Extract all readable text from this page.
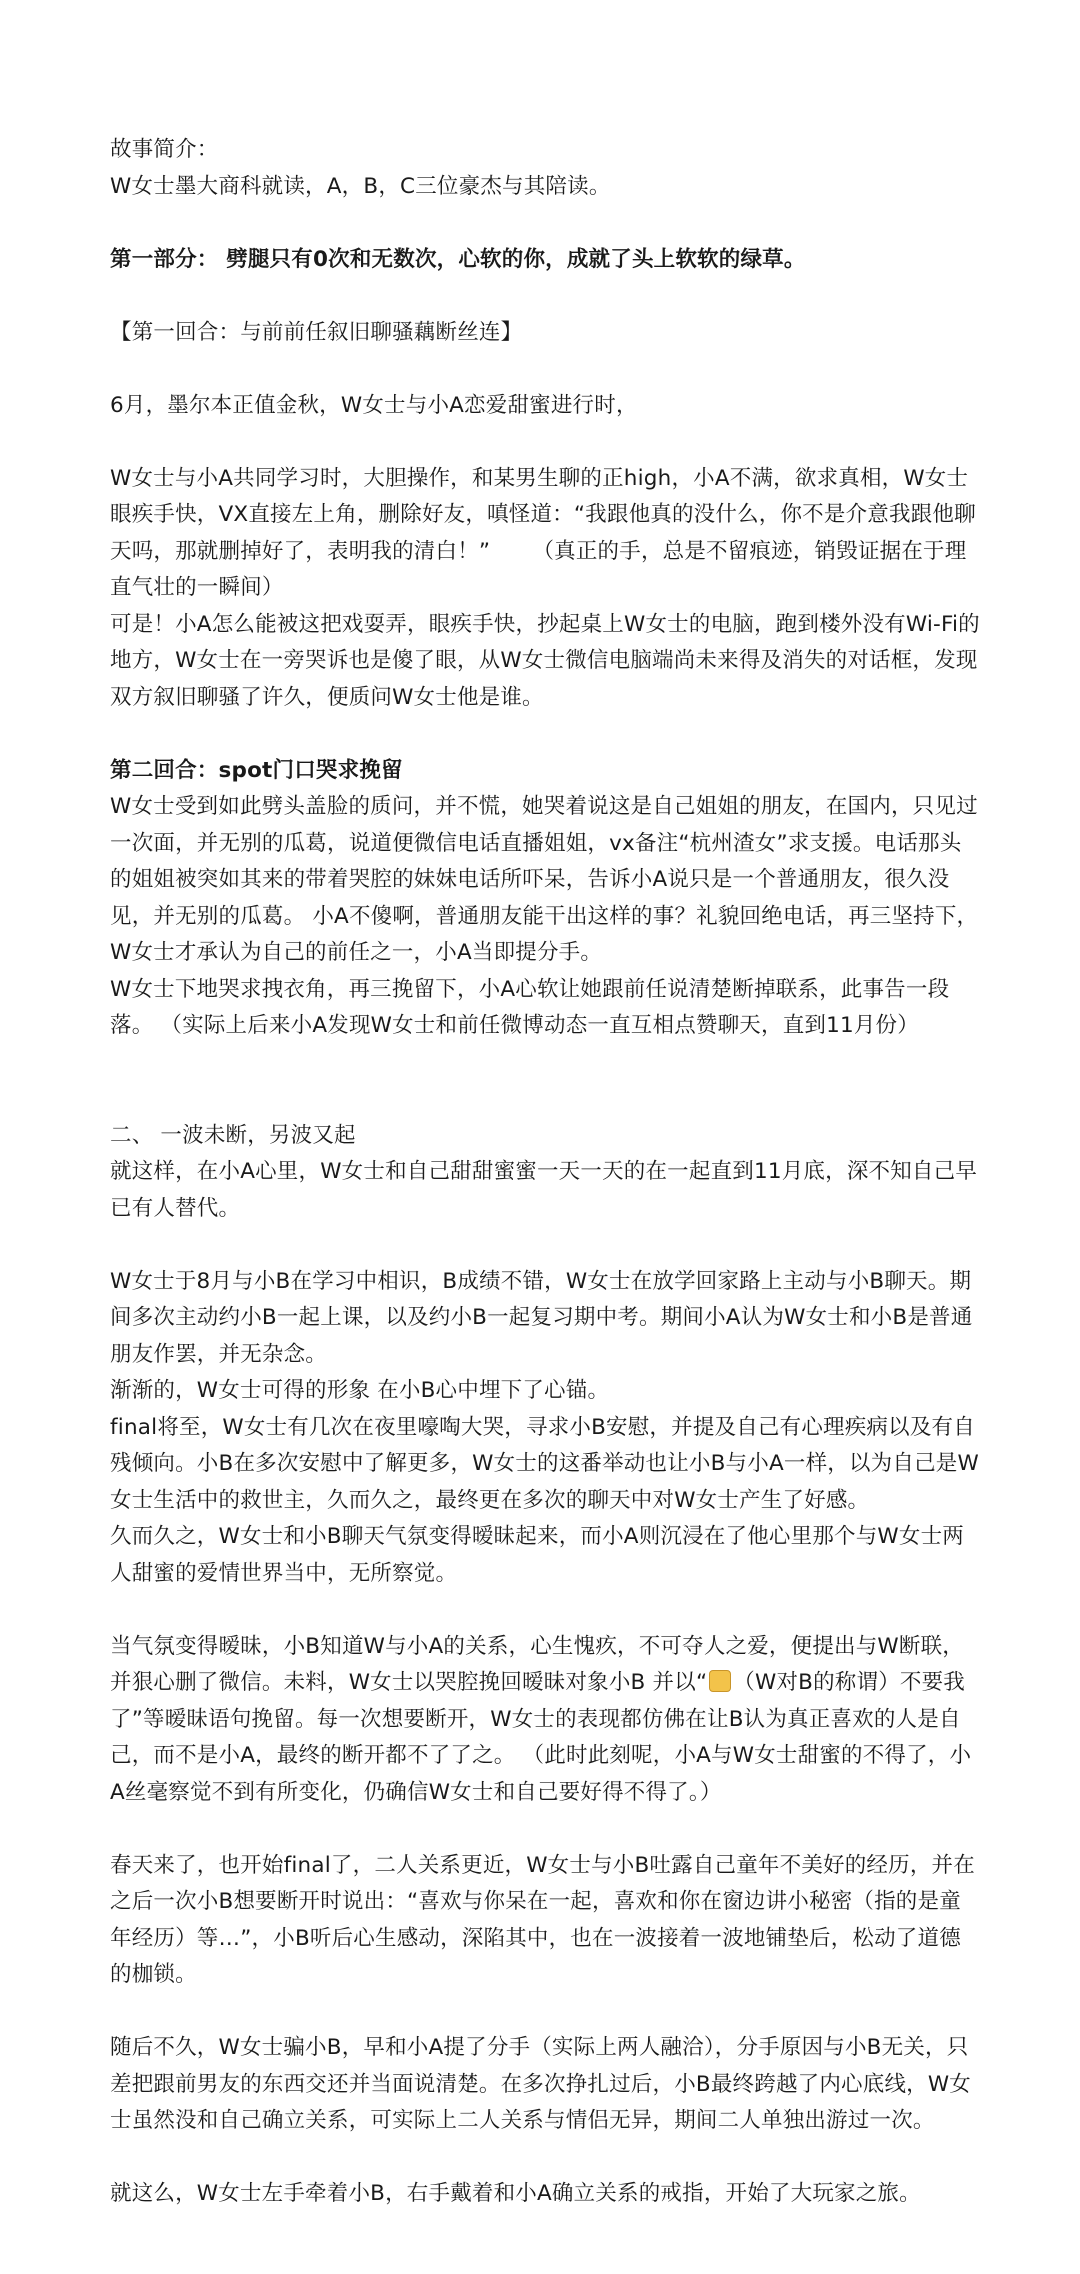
故事简介：

W女士墨大商科就读，A，B，C三位豪杰与其陪读。

第一部分： 劈腿只有0次和无数次，心软的你，成就了头上软软的绿草。

【第一回合：与前前任叙旧聊骚藕断丝连】

6月，墨尔本正值金秋，W女士与小A恋爱甜蜜进行时，

W女士与小A共同学习时，大胆操作，和某男生聊的正high，小A不满，欲求真相，W女士眼疾手快，VX直接左上角，删除好友，嗔怪道：“我跟他真的没什么，你不是介意我跟他聊天吗，那就删掉好了，表明我的清白！”      （真正的手，总是不留痕迹，销毁证据在于理直气壮的一瞬间）

可是！小A怎么能被这把戏耍弄，眼疾手快，抄起桌上W女士的电脑，跑到楼外没有Wi-Fi的地方，W女士在一旁哭诉也是傻了眼，从W女士微信电脑端尚未来得及消失的对话框，发现双方叙旧聊骚了许久，便质问W女士他是谁。

第二回合：spot门口哭求挽留

W女士受到如此劈头盖脸的质问，并不慌，她哭着说这是自己姐姐的朋友，在国内，只见过一次面，并无别的瓜葛，说道便微信电话直播姐姐，vx备注“杭州渣女”求支援。电话那头的姐姐被突如其来的带着哭腔的妹妹电话所吓呆，告诉小A说只是一个普通朋友，很久没见，并无别的瓜葛。 小A不傻啊，普通朋友能干出这样的事？礼貌回绝电话，再三坚持下，W女士才承认为自己的前任之一，小A当即提分手。

W女士下地哭求拽衣角，再三挽留下，小A心软让她跟前任说清楚断掉联系，此事告一段落。 （实际上后来小A发现W女士和前任微博动态一直互相点赞聊天，直到11月份）

二、 一波未断，另波又起

就这样，在小A心里，W女士和自己甜甜蜜蜜一天一天的在一起直到11月底，深不知自己早已有人替代。

W女士于8月与小B在学习中相识，B成绩不错，W女士在放学回家路上主动与小B聊天。期间多次主动约小B一起上课，以及约小B一起复习期中考。期间小A认为W女士和小B是普通朋友作罢，并无杂念。

渐渐的，W女士可得的形象 在小B心中埋下了心锚。

final将至，W女士有几次在夜里嚎啕大哭，寻求小B安慰，并提及自己有心理疾病以及有自残倾向。小B在多次安慰中了解更多，W女士的这番举动也让小B与小A一样，以为自己是W女士生活中的救世主，久而久之，最终更在多次的聊天中对W女士产生了好感。

久而久之，W女士和小B聊天气氛变得暧昧起来，而小A则沉浸在了他心里那个与W女士两人甜蜜的爱情世界当中，无所察觉。

当气氛变得暧昧，小B知道W与小A的关系，心生愧疚，不可夺人之爱，便提出与W断联，并狠心删了微信。未料，W女士以哭腔挽回暧昧对象小B 并以“ （W对B的称谓）不要我了”等暧昧语句挽留。每一次想要断开，W女士的表现都仿佛在让B认为真正喜欢的人是自己，而不是小A，最终的断开都不了了之。 （此时此刻呢，小A与W女士甜蜜的不得了，小A丝毫察觉不到有所变化，仍确信W女士和自己要好得不得了。）

春天来了，也开始final了，二人关系更近，W女士与小B吐露自己童年不美好的经历，并在之后一次小B想要断开时说出：“喜欢与你呆在一起，喜欢和你在窗边讲小秘密（指的是童年经历）等…”，小B听后心生感动，深陷其中，也在一波接着一波地铺垫后，松动了道德的枷锁。

随后不久，W女士骗小B，早和小A提了分手（实际上两人融洽），分手原因与小B无关，只差把跟前男友的东西交还并当面说清楚。在多次挣扎过后，小B最终跨越了内心底线，W女士虽然没和自己确立关系，可实际上二人关系与情侣无异，期间二人单独出游过一次。

就这么，W女士左手牵着小B，右手戴着和小A确立关系的戒指，开始了大玩家之旅。
